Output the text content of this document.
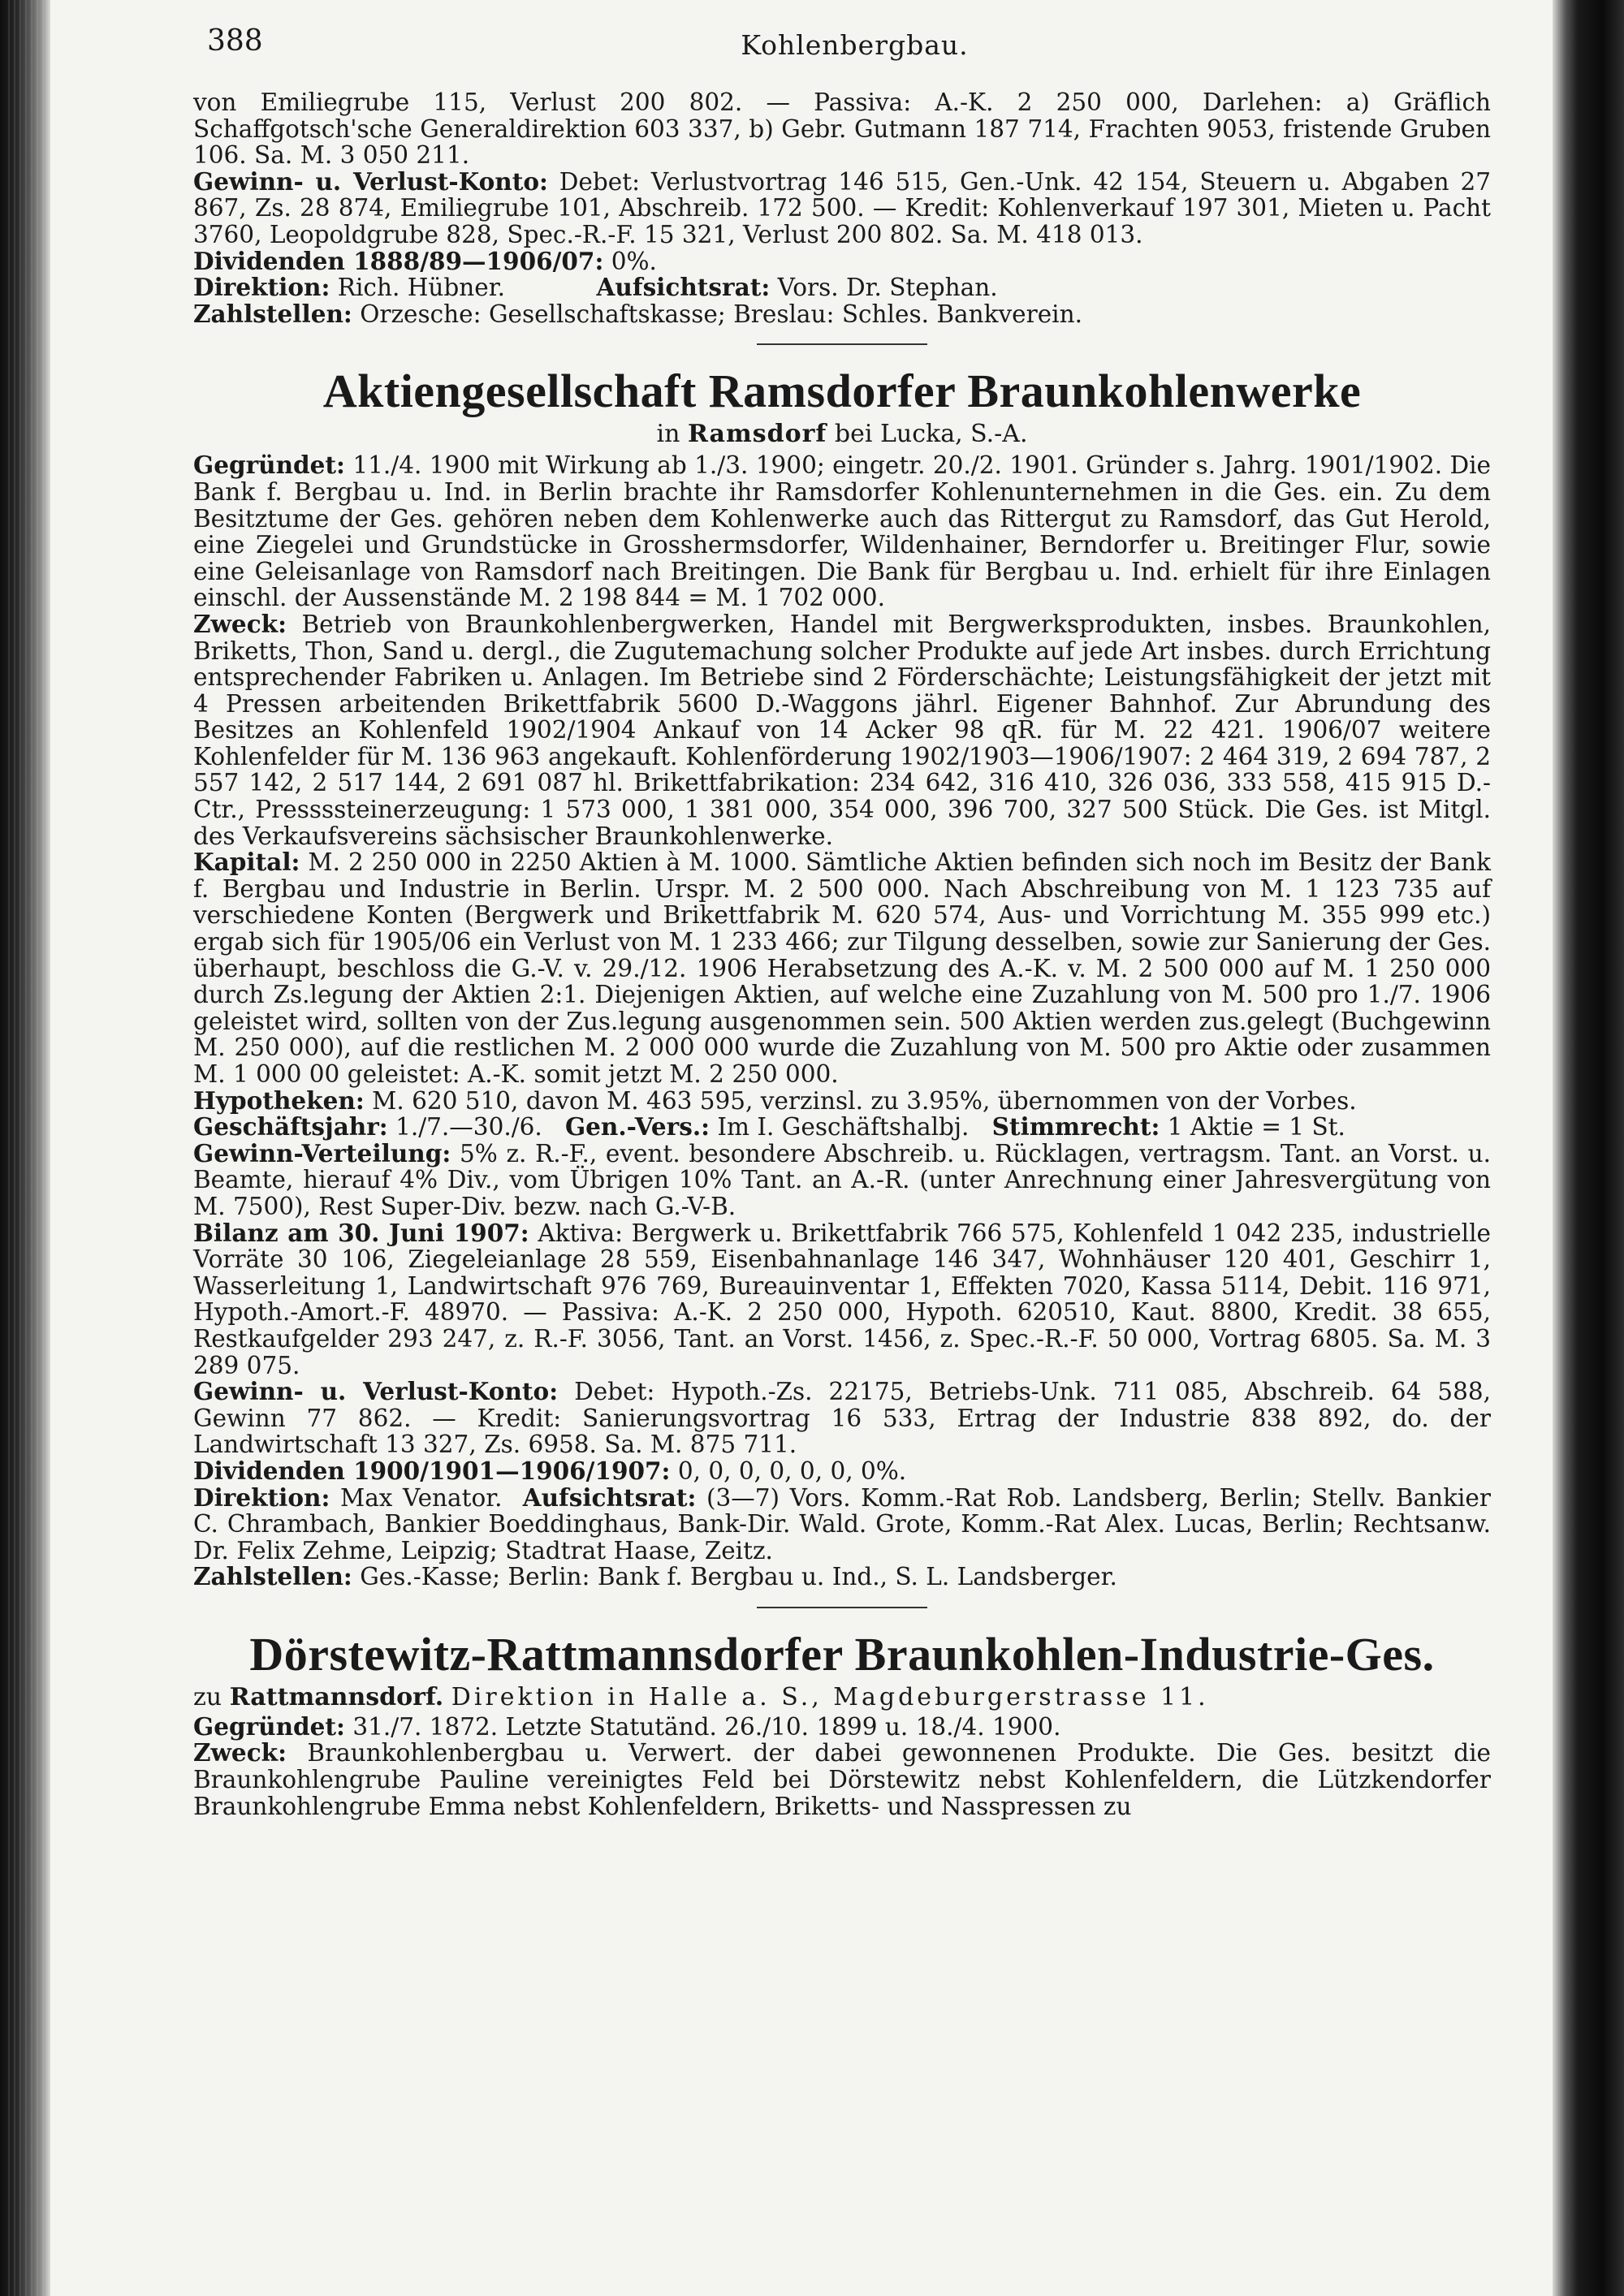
388	Kohlenbergbau.

von Emiliegrube 115, Verlust 200 802. — Passiva: A.-K. 2 250 000, Darlehen: a) Gräflich Schaffgotsch'sche Generaldirektion 603 337, b) Gebr. Gutmann 187 714, Frachten 9053, fristende Gruben 106. Sa. M. 3 050 211.

Gewinn- u. Verlust-Konto: Debet: Verlustvortrag 146 515, Gen.-Unk. 42 154, Steuern u. Abgaben 27 867, Zs. 28 874, Emiliegrube 101, Abschreib. 172 500. — Kredit: Kohlenverkauf 197 301, Mieten u. Pacht 3760, Leopoldgrube 828, Spec.-R.-F. 15 321, Verlust 200 802. Sa. M. 418 013.

Dividenden 1888/89—1906/07: 0%.

Direktion: Rich. Hübner.	Aufsichtsrat: Vors. Dr. Stephan.

Zahlstellen: Orzesche: Gesellschaftskasse; Breslau: Schles. Bankverein.

Aktiengesellschaft Ramsdorfer Braunkohlenwerke
in Ramsdorf bei Lucka, S.-A.

Gegründet: 11./4. 1900 mit Wirkung ab 1./3. 1900; eingetr. 20./2. 1901. Gründer s. Jahrg. 1901/1902. Die Bank f. Bergbau u. Ind. in Berlin brachte ihr Ramsdorfer Kohlenunternehmen in die Ges. ein. Zu dem Besitztume der Ges. gehören neben dem Kohlenwerke auch das Rittergut zu Ramsdorf, das Gut Herold, eine Ziegelei und Grundstücke in Grosshermsdorfer, Wildenhainer, Berndorfer u. Breitinger Flur, sowie eine Geleisanlage von Ramsdorf nach Breitingen. Die Bank für Bergbau u. Ind. erhielt für ihre Einlagen einschl. der Aussenstände M. 2 198 844 = M. 1 702 000.

Zweck: Betrieb von Braunkohlenbergwerken, Handel mit Bergwerksprodukten, insbes. Braunkohlen, Briketts, Thon, Sand u. dergl., die Zugutemachung solcher Produkte auf jede Art insbes. durch Errichtung entsprechender Fabriken u. Anlagen. Im Betriebe sind 2 Förderschächte; Leistungsfähigkeit der jetzt mit 4 Pressen arbeitenden Brikettfabrik 5600 D.-Waggons jährl. Eigener Bahnhof. Zur Abrundung des Besitzes an Kohlenfeld 1902/1904 Ankauf von 14 Acker 98 qR. für M. 22 421. 1906/07 weitere Kohlenfelder für M. 136 963 angekauft. Kohlenförderung 1902/1903—1906/1907: 2 464 319, 2 694 787, 2 557 142, 2 517 144, 2 691 087 hl. Brikettfabrikation: 234 642, 316 410, 326 036, 333 558, 415 915 D.-Ctr., Pressssteinerzeugung: 1 573 000, 1 381 000, 354 000, 396 700, 327 500 Stück. Die Ges. ist Mitgl. des Verkaufsvereins sächsischer Braunkohlenwerke.

Kapital: M. 2 250 000 in 2250 Aktien à M. 1000. Sämtliche Aktien befinden sich noch im Besitz der Bank f. Bergbau und Industrie in Berlin. Urspr. M. 2 500 000. Nach Abschreibung von M. 1 123 735 auf verschiedene Konten (Bergwerk und Brikettfabrik M. 620 574, Aus- und Vorrichtung M. 355 999 etc.) ergab sich für 1905/06 ein Verlust von M. 1 233 466; zur Tilgung desselben, sowie zur Sanierung der Ges. überhaupt, beschloss die G.-V. v. 29./12. 1906 Herabsetzung des A.-K. v. M. 2 500 000 auf M. 1 250 000 durch Zs.legung der Aktien 2:1. Diejenigen Aktien, auf welche eine Zuzahlung von M. 500 pro 1./7. 1906 geleistet wird, sollten von der Zus.legung ausgenommen sein. 500 Aktien werden zus.gelegt (Buchgewinn M. 250 000), auf die restlichen M. 2 000 000 wurde die Zuzahlung von M. 500 pro Aktie oder zusammen M. 1 000 00 geleistet: A.-K. somit jetzt M. 2 250 000.

Hypotheken: M. 620 510, davon M. 463 595, verzinsl. zu 3.95%, übernommen von der Vorbes.

Geschäftsjahr: 1./7.—30./6. Gen.-Vers.: Im I. Geschäftshalbj. Stimmrecht: 1 Aktie = 1 St.

Gewinn-Verteilung: 5% z. R.-F., event. besondere Abschreib. u. Rücklagen, vertragsm. Tant. an Vorst. u. Beamte, hierauf 4% Div., vom Übrigen 10% Tant. an A.-R. (unter Anrechnung einer Jahresvergütung von M. 7500), Rest Super-Div. bezw. nach G.-V-B.

Bilanz am 30. Juni 1907: Aktiva: Bergwerk u. Brikettfabrik 766 575, Kohlenfeld 1 042 235, industrielle Vorräte 30 106, Ziegeleianlage 28 559, Eisenbahnanlage 146 347, Wohnhäuser 120 401, Geschirr 1, Wasserleitung 1, Landwirtschaft 976 769, Bureauinventar 1, Effekten 7020, Kassa 5114, Debit. 116 971, Hypoth.-Amort.-F. 48970. — Passiva: A.-K. 2 250 000, Hypoth. 620510, Kaut. 8800, Kredit. 38 655, Restkaufgelder 293 247, z. R.-F. 3056, Tant. an Vorst. 1456, z. Spec.-R.-F. 50 000, Vortrag 6805. Sa. M. 3 289 075.

Gewinn- u. Verlust-Konto: Debet: Hypoth.-Zs. 22175, Betriebs-Unk. 711 085, Abschreib. 64 588, Gewinn 77 862. — Kredit: Sanierungsvortrag 16 533, Ertrag der Industrie 838 892, do. der Landwirtschaft 13 327, Zs. 6958. Sa. M. 875 711.

Dividenden 1900/1901—1906/1907: 0, 0, 0, 0, 0, 0, 0%.

Direktion: Max Venator. Aufsichtsrat: (3—7) Vors. Komm.-Rat Rob. Landsberg, Berlin; Stellv. Bankier C. Chrambach, Bankier Boeddinghaus, Bank-Dir. Wald. Grote, Komm.-Rat Alex. Lucas, Berlin; Rechtsanw. Dr. Felix Zehme, Leipzig; Stadtrat Haase, Zeitz.

Zahlstellen: Ges.-Kasse; Berlin: Bank f. Bergbau u. Ind., S. L. Landsberger.

Dörstewitz-Rattmannsdorfer Braunkohlen-Industrie-Ges.
zu Rattmannsdorf. Direktion in Halle a. S., Magdeburgerstrasse 11.

Gegründet: 31./7. 1872. Letzte Statutänd. 26./10. 1899 u. 18./4. 1900.

Zweck: Braunkohlenbergbau u. Verwert. der dabei gewonnenen Produkte. Die Ges. besitzt die Braunkohlengrube Pauline vereinigtes Feld bei Dörstewitz nebst Kohlenfeldern, die Lützkendorfer Braunkohlengrube Emma nebst Kohlenfeldern, Briketts- und Nasspressen zu
